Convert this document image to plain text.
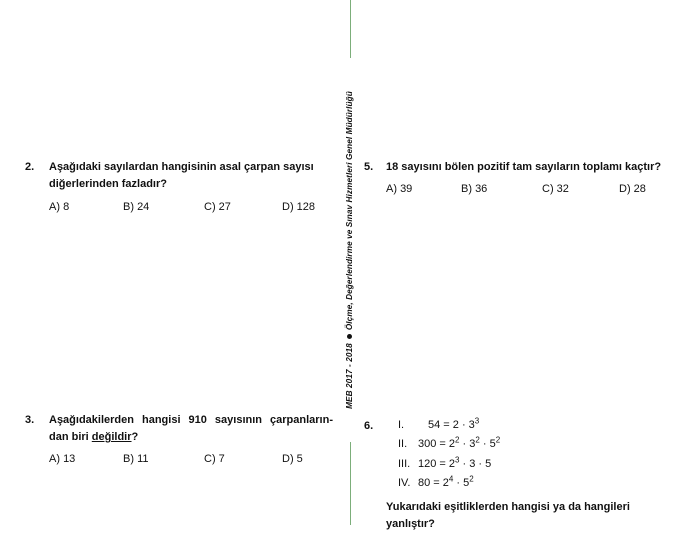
MEB 2017 - 2018Ölçme, Değerlendirme ve Sınav Hizmetleri Genel Müdürlüğü
2. Aşağıdaki sayılardan hangisinin asal çarpan sayısı
diğerlerinden fazladır?
A) 8	B) 24	C) 27	D) 128
3. Aşağıdakilerden hangisi 910 sayısının çarpanların-
dan biri değildir?
A) 13	B) 11	C) 7	D) 5
5. 18 sayısını bölen pozitif tam sayıların toplamı kaçtır?
A) 39	B) 36	C) 32	D) 28
6. I. $54 = 2 \cdot 3^3$
II. $300 = 2^2 \cdot 3^2 \cdot 5^2$
III. $120 = 2^3 \cdot 3 \cdot 5$
IV. $80 = 2^4 \cdot 5^2$
Yukarıdaki eşitliklerden hangisi ya da hangileri
yanlıştır?
